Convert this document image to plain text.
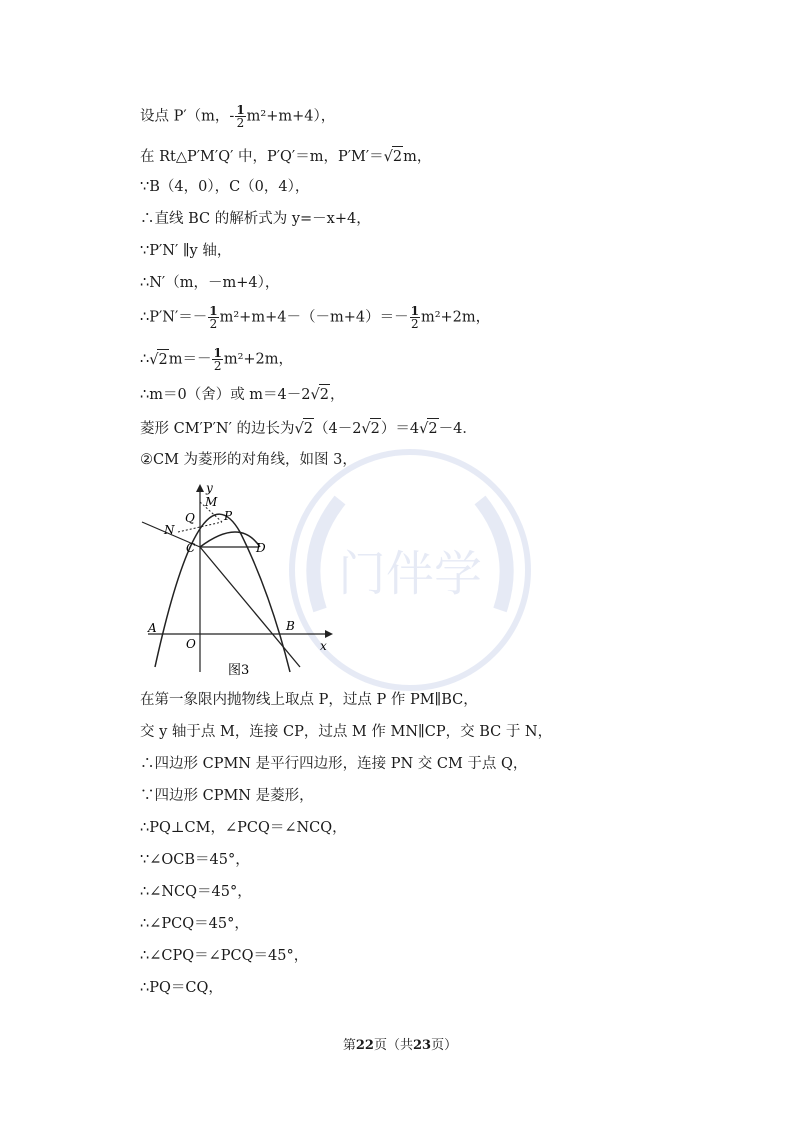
门伴学
设点 P′（m，- $\frac{1}{2} m^2+m+4$），
在 Rt△P′M′Q′ 中，P′Q′＝m，P′M′＝√2m，
∵B（4，0），C（0，4），
∴直线 BC 的解析式为 y=－x+4，
∵P′N′ ∥y 轴，
∴N′（m，－m+4），
∴P′N′＝－ $\frac{1}{2} m^2+m+4-(-m+4)=- \frac{1}{2} m^2+2m$，
∴√2m＝－ $\frac{1}{2} m^2+2m$，
∴m＝0（舍）或 m＝4－2√2，
菱形 CM′P′N′ 的边长为√2（4－2√2）＝4√2－4．
②CM 为菱形的对角线，如图 3，
y
M
Q P
N
C	D
A
O
B
x
图3
在第一象限内抛物线上取点 P，过点 P 作 PM∥BC，
交 y 轴于点 M，连接 CP，过点 M 作 MN∥CP，交 BC 于 N，
∴四边形 CPMN 是平行四边形，连接 PN 交 CM 于点 Q，
∵四边形 CPMN 是菱形，
∴PQ⊥CM，∠PCQ＝∠NCQ，
∵∠OCB＝45°，
∴∠NCQ＝45°，
∴∠PCQ＝45°，
∴∠CPQ＝∠PCQ＝45°，
∴PQ＝CQ，
第22页（共23页）
